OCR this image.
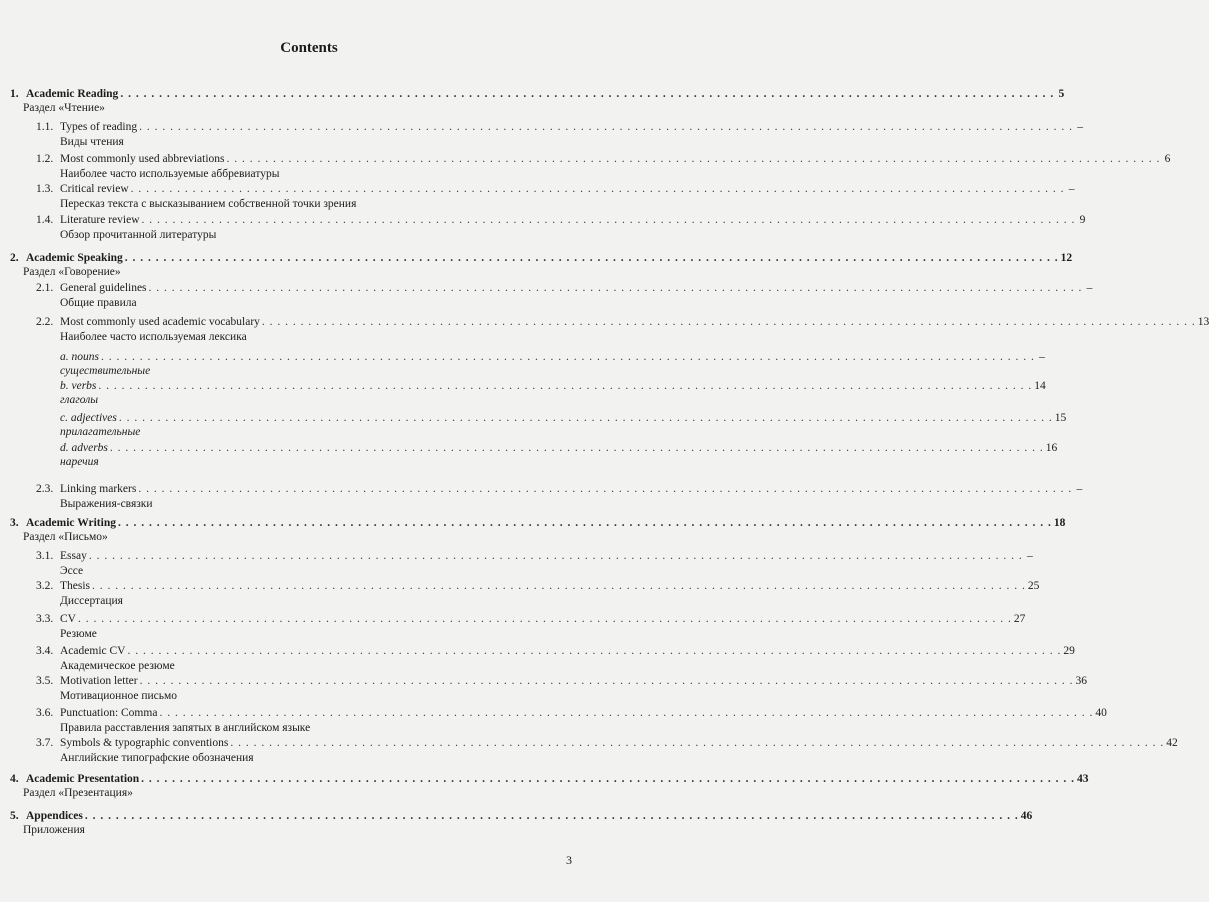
Contents
1. Academic Reading . . . . . . . . . . . . . . . . . . . . . . . . . . . . . . . . . . . . . . . . . . . . . . . . . . . . . . . . . . . . . . . . . . . . . . . . . . . . . . . . . . . . . . . . . . . . . . . . . . . . . . . . . . . . . . . . . . . . . . . . . 5
Раздел «Чтение»
1.1. Types of reading . . . . . . . . . . . . . . . . . . . . . . . . . . . . . . . . . . . . . . . . . . . . . . . . . . . . . . . . . . . . . . . . . . . . . . . . . . . . . . . . . . . . . . . . . . . . . . . . . . . . . . . . . . . . . . . . . . . . . . . . . –
Виды чтения
1.2. Most commonly used abbreviations . . . . . . . . . . . . . . . . . . . . . . . . . . . . . . . . . . . . . . . . . . . . . . . . . . . . . . . . . . . . . . . . . . . . . . . . . . . . . . . . . . . . . . . . . . . . . . . . . . . . . . . . . . . . . . . . . . . . . . . . . 6
Наиболее часто используемые аббревиатуры
1.3. Critical review . . . . . . . . . . . . . . . . . . . . . . . . . . . . . . . . . . . . . . . . . . . . . . . . . . . . . . . . . . . . . . . . . . . . . . . . . . . . . . . . . . . . . . . . . . . . . . . . . . . . . . . . . . . . . . . . . . . . . . . . . –
Пересказ текста с высказыванием собственной точки зрения
1.4. Literature review . . . . . . . . . . . . . . . . . . . . . . . . . . . . . . . . . . . . . . . . . . . . . . . . . . . . . . . . . . . . . . . . . . . . . . . . . . . . . . . . . . . . . . . . . . . . . . . . . . . . . . . . . . . . . . . . . . . . . . . . . 9
Обзор прочитанной литературы
2. Academic Speaking . . . . . . . . . . . . . . . . . . . . . . . . . . . . . . . . . . . . . . . . . . . . . . . . . . . . . . . . . . . . . . . . . . . . . . . . . . . . . . . . . . . . . . . . . . . . . . . . . . . . . . . . . . . . . . . . . . . . . . . . . 12
Раздел «Говорение»
2.1. General guidelines . . . . . . . . . . . . . . . . . . . . . . . . . . . . . . . . . . . . . . . . . . . . . . . . . . . . . . . . . . . . . . . . . . . . . . . . . . . . . . . . . . . . . . . . . . . . . . . . . . . . . . . . . . . . . . . . . . . . . . . . . –
Общие правила
2.2. Most commonly used academic vocabulary . . . . . . . . . . . . . . . . . . . . . . . . . . . . . . . . . . . . . . . . . . . . . . . . . . . . . . . . . . . . . . . . . . . . . . . . . . . . . . . . . . . . . . . . . . . . . . . . . . . . . . . . . . . . . . . . . . . . . . . . . 13
Наиболее часто используемая лексика
a. nouns . . . . . . . . . . . . . . . . . . . . . . . . . . . . . . . . . . . . . . . . . . . . . . . . . . . . . . . . . . . . . . . . . . . . . . . . . . . . . . . . . . . . . . . . . . . . . . . . . . . . . . . . . . . . . . . . . . . . . . . . . –
существительные
b. verbs . . . . . . . . . . . . . . . . . . . . . . . . . . . . . . . . . . . . . . . . . . . . . . . . . . . . . . . . . . . . . . . . . . . . . . . . . . . . . . . . . . . . . . . . . . . . . . . . . . . . . . . . . . . . . . . . . . . . . . . . . 14
глаголы
c. adjectives . . . . . . . . . . . . . . . . . . . . . . . . . . . . . . . . . . . . . . . . . . . . . . . . . . . . . . . . . . . . . . . . . . . . . . . . . . . . . . . . . . . . . . . . . . . . . . . . . . . . . . . . . . . . . . . . . . . . . . . . . 15
прилагательные
d. adverbs . . . . . . . . . . . . . . . . . . . . . . . . . . . . . . . . . . . . . . . . . . . . . . . . . . . . . . . . . . . . . . . . . . . . . . . . . . . . . . . . . . . . . . . . . . . . . . . . . . . . . . . . . . . . . . . . . . . . . . . . . 16
наречия
2.3. Linking markers . . . . . . . . . . . . . . . . . . . . . . . . . . . . . . . . . . . . . . . . . . . . . . . . . . . . . . . . . . . . . . . . . . . . . . . . . . . . . . . . . . . . . . . . . . . . . . . . . . . . . . . . . . . . . . . . . . . . . . . . . –
Выражения-связки
3. Academic Writing . . . . . . . . . . . . . . . . . . . . . . . . . . . . . . . . . . . . . . . . . . . . . . . . . . . . . . . . . . . . . . . . . . . . . . . . . . . . . . . . . . . . . . . . . . . . . . . . . . . . . . . . . . . . . . . . . . . . . . . . . 18
Раздел «Письмо»
3.1. Essay . . . . . . . . . . . . . . . . . . . . . . . . . . . . . . . . . . . . . . . . . . . . . . . . . . . . . . . . . . . . . . . . . . . . . . . . . . . . . . . . . . . . . . . . . . . . . . . . . . . . . . . . . . . . . . . . . . . . . . . . . –
Эссе
3.2. Thesis . . . . . . . . . . . . . . . . . . . . . . . . . . . . . . . . . . . . . . . . . . . . . . . . . . . . . . . . . . . . . . . . . . . . . . . . . . . . . . . . . . . . . . . . . . . . . . . . . . . . . . . . . . . . . . . . . . . . . . . . . 25
Диссертация
3.3. CV . . . . . . . . . . . . . . . . . . . . . . . . . . . . . . . . . . . . . . . . . . . . . . . . . . . . . . . . . . . . . . . . . . . . . . . . . . . . . . . . . . . . . . . . . . . . . . . . . . . . . . . . . . . . . . . . . . . . . . . . . 27
Резюме
3.4. Academic CV . . . . . . . . . . . . . . . . . . . . . . . . . . . . . . . . . . . . . . . . . . . . . . . . . . . . . . . . . . . . . . . . . . . . . . . . . . . . . . . . . . . . . . . . . . . . . . . . . . . . . . . . . . . . . . . . . . . . . . . . . 29
Академическое резюме
3.5. Motivation letter . . . . . . . . . . . . . . . . . . . . . . . . . . . . . . . . . . . . . . . . . . . . . . . . . . . . . . . . . . . . . . . . . . . . . . . . . . . . . . . . . . . . . . . . . . . . . . . . . . . . . . . . . . . . . . . . . . . . . . . . . 36
Мотивационное письмо
3.6. Punctuation: Comma . . . . . . . . . . . . . . . . . . . . . . . . . . . . . . . . . . . . . . . . . . . . . . . . . . . . . . . . . . . . . . . . . . . . . . . . . . . . . . . . . . . . . . . . . . . . . . . . . . . . . . . . . . . . . . . . . . . . . . . . . 40
Правила расставления запятых в английском языке
3.7. Symbols & typographic conventions . . . . . . . . . . . . . . . . . . . . . . . . . . . . . . . . . . . . . . . . . . . . . . . . . . . . . . . . . . . . . . . . . . . . . . . . . . . . . . . . . . . . . . . . . . . . . . . . . . . . . . . . . . . . . . . . . . . . . . . . . 42
Английские типографские обозначения
4. Academic Presentation . . . . . . . . . . . . . . . . . . . . . . . . . . . . . . . . . . . . . . . . . . . . . . . . . . . . . . . . . . . . . . . . . . . . . . . . . . . . . . . . . . . . . . . . . . . . . . . . . . . . . . . . . . . . . . . . . . . . . . . . . 43
Раздел «Презентация»
5. Appendices . . . . . . . . . . . . . . . . . . . . . . . . . . . . . . . . . . . . . . . . . . . . . . . . . . . . . . . . . . . . . . . . . . . . . . . . . . . . . . . . . . . . . . . . . . . . . . . . . . . . . . . . . . . . . . . . . . . . . . . . . 46
Приложения
3
